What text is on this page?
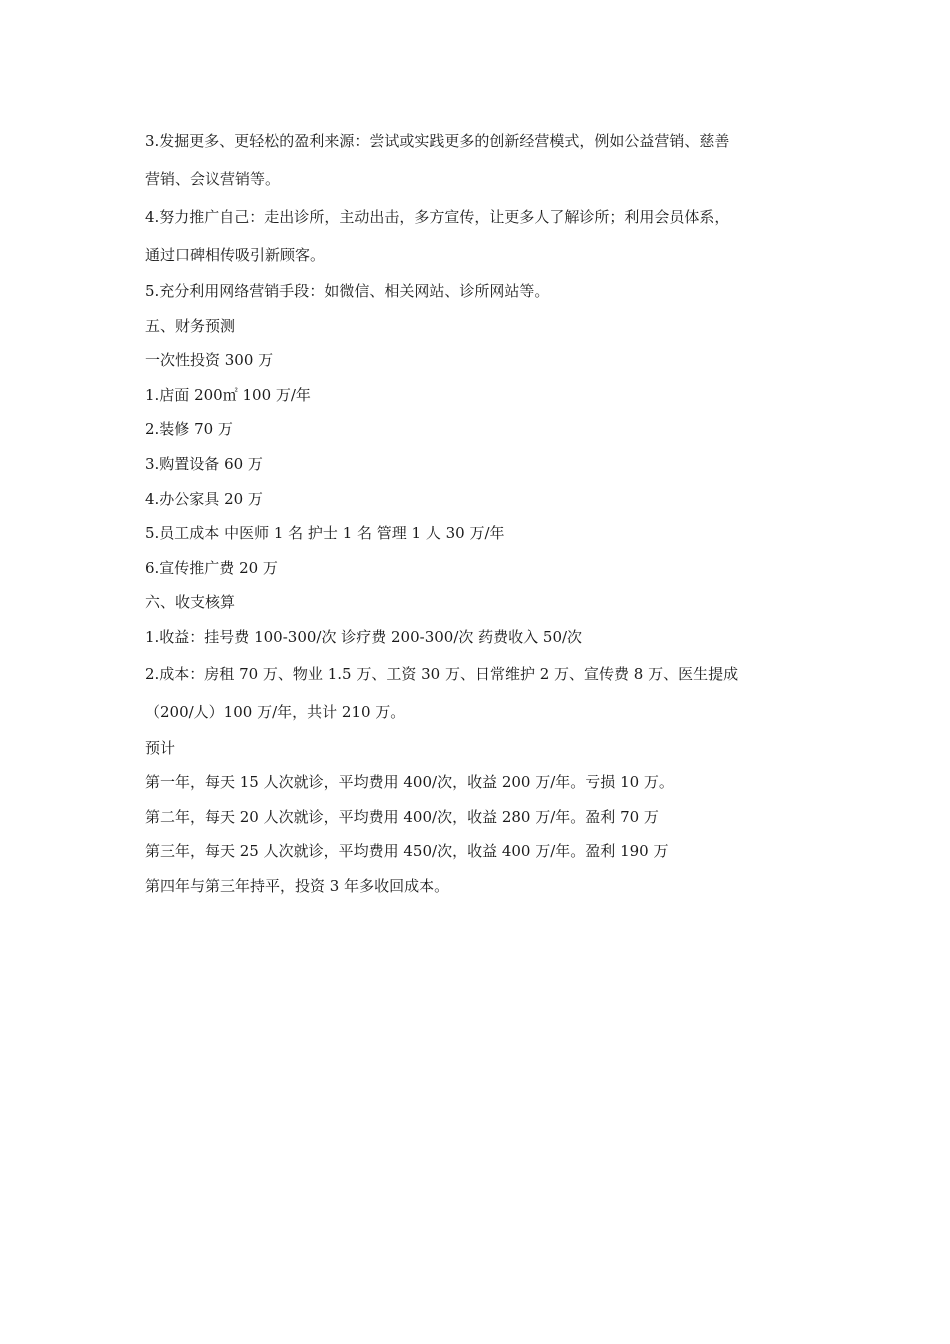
3.发掘更多、更轻松的盈利来源：尝试或实践更多的创新经营模式，例如公益营销、慈善
营销、会议营销等。
4.努力推广自己：走出诊所，主动出击，多方宣传，让更多人了解诊所；利用会员体系，
通过口碑相传吸引新顾客。
5.充分利用网络营销手段：如微信、相关网站、诊所网站等。
五、财务预测
一次性投资 300 万
1.店面 200㎡ 100 万/年
2.装修 70 万
3.购置设备 60 万
4.办公家具 20 万
5.员工成本 中医师 1 名 护士 1 名 管理 1 人 30 万/年
6.宣传推广费 20 万
六、收支核算
1.收益：挂号费 100-300/次 诊疗费 200-300/次 药费收入 50/次
2.成本：房租 70 万、物业 1.5 万、工资 30 万、日常维护 2 万、宣传费 8 万、医生提成
（200/人）100 万/年，共计 210 万。
预计
第一年，每天 15 人次就诊，平均费用 400/次，收益 200 万/年。亏损 10 万。
第二年，每天 20 人次就诊，平均费用 400/次，收益 280 万/年。盈利 70 万
第三年，每天 25 人次就诊，平均费用 450/次，收益 400 万/年。盈利 190 万
第四年与第三年持平，投资 3 年多收回成本。
